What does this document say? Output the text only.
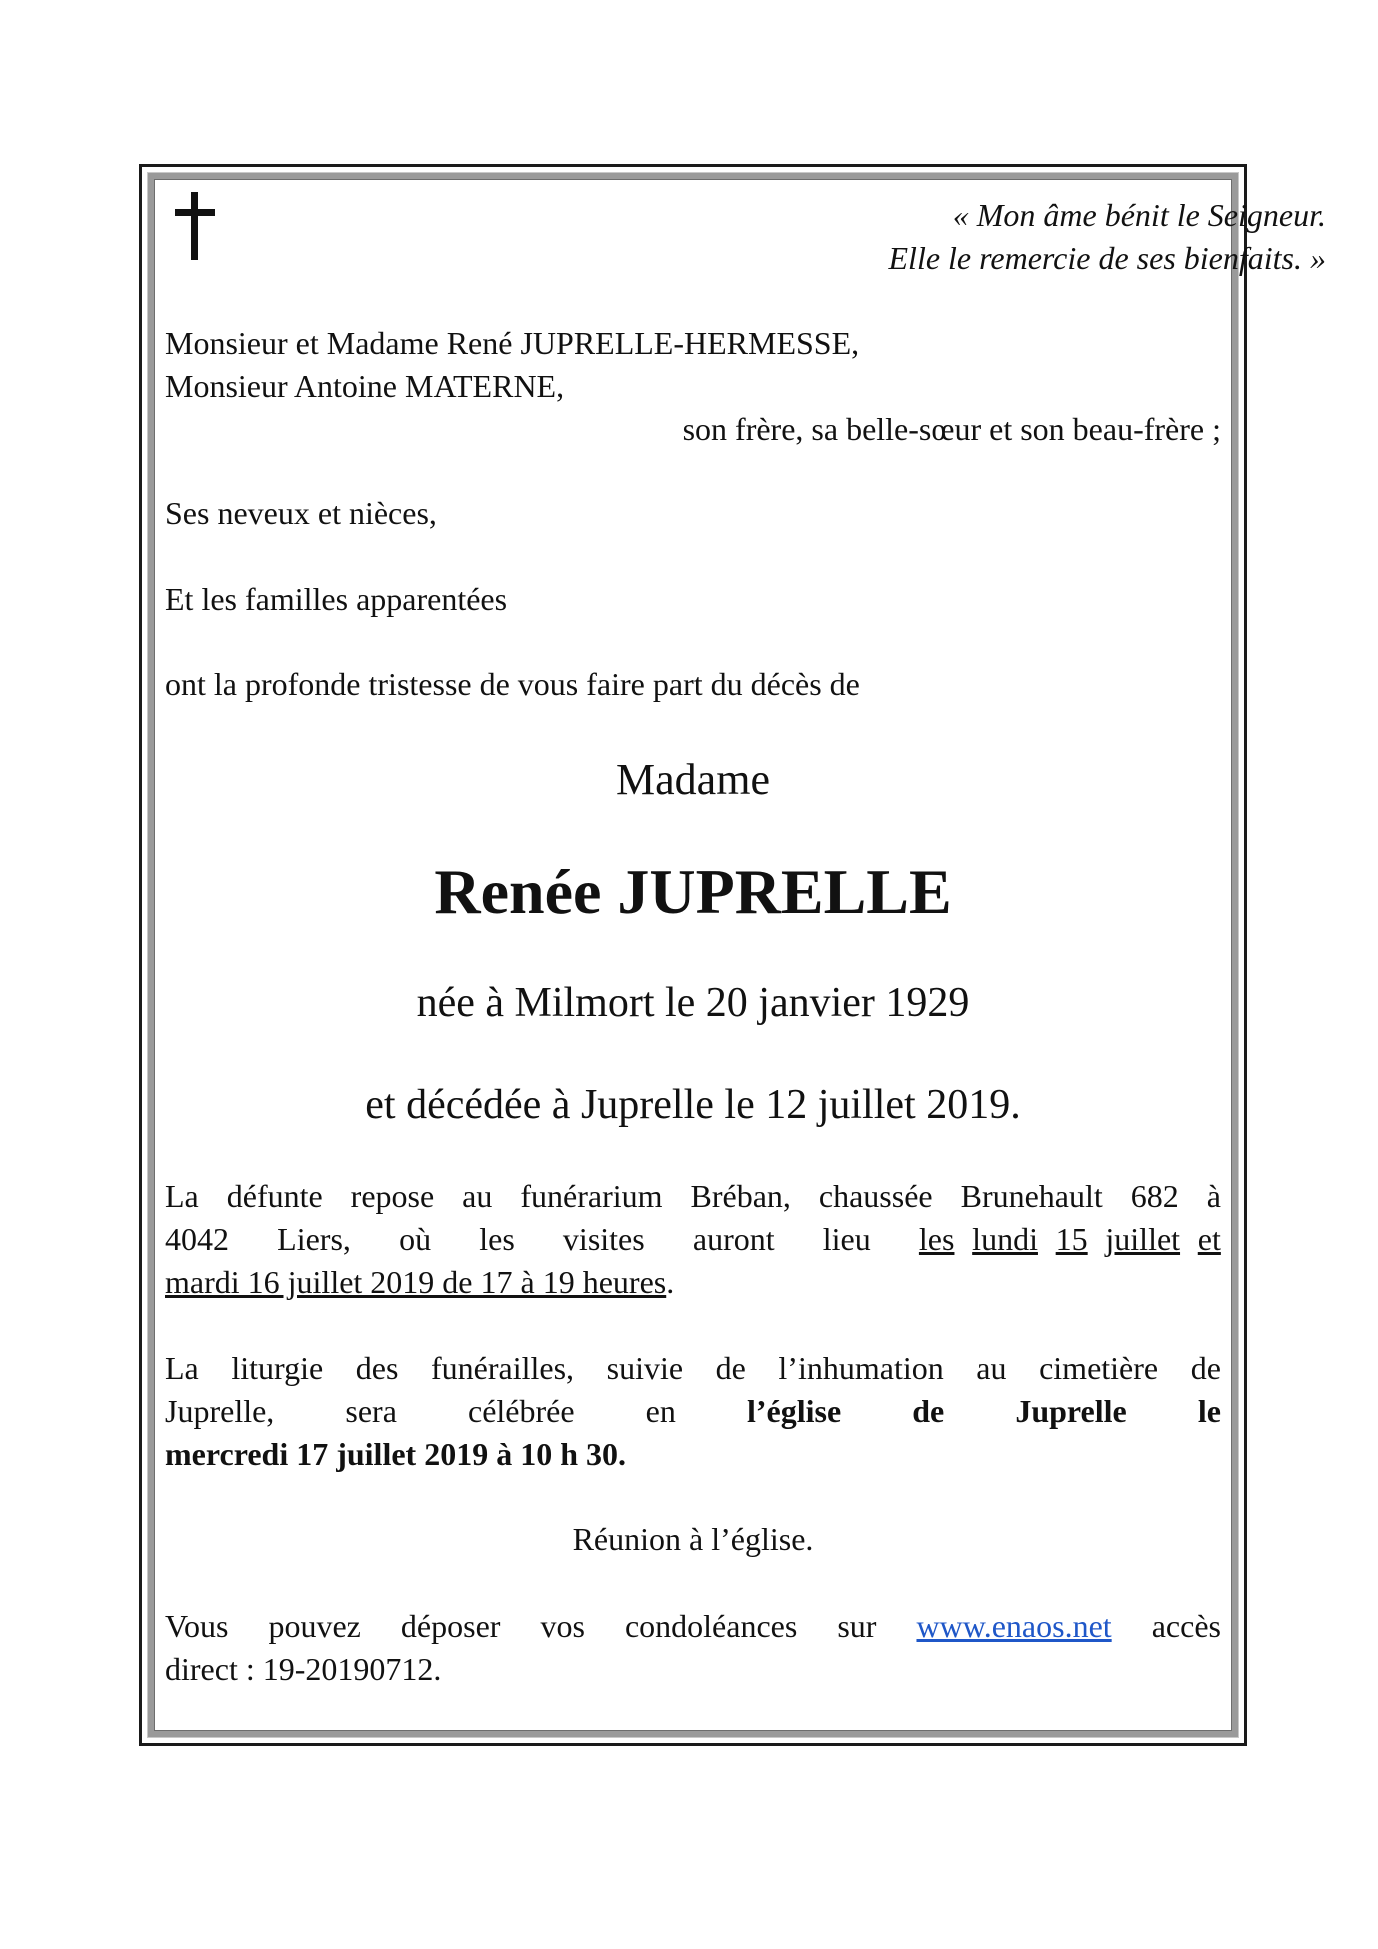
« Mon âme bénit le Seigneur.
Elle le remercie de ses bienfaits. »
Monsieur et Madame René JUPRELLE-HERMESSE,
Monsieur Antoine MATERNE,
son frère, sa belle-sœur et son beau-frère ;
Ses neveux et nièces,
Et les familles apparentées
ont la profonde tristesse de vous faire part du décès de
Madame
Renée JUPRELLE
née à Milmort le 20 janvier 1929
et décédée à Juprelle le 12 juillet 2019.
La défunte repose au funérarium Bréban, chaussée Brunehault 682 à
4042 Liers, où les visites auront lieu les lundi 15 juillet et
mardi 16 juillet 2019 de 17 à 19 heures.
La liturgie des funérailles, suivie de l’inhumation au cimetière de
Juprelle, sera célébrée en l’église de Juprelle le
mercredi 17 juillet 2019 à 10 h 30.
Réunion à l’église.
Vous pouvez déposer vos condoléances sur www.enaos.net accès
direct : 19-20190712.
